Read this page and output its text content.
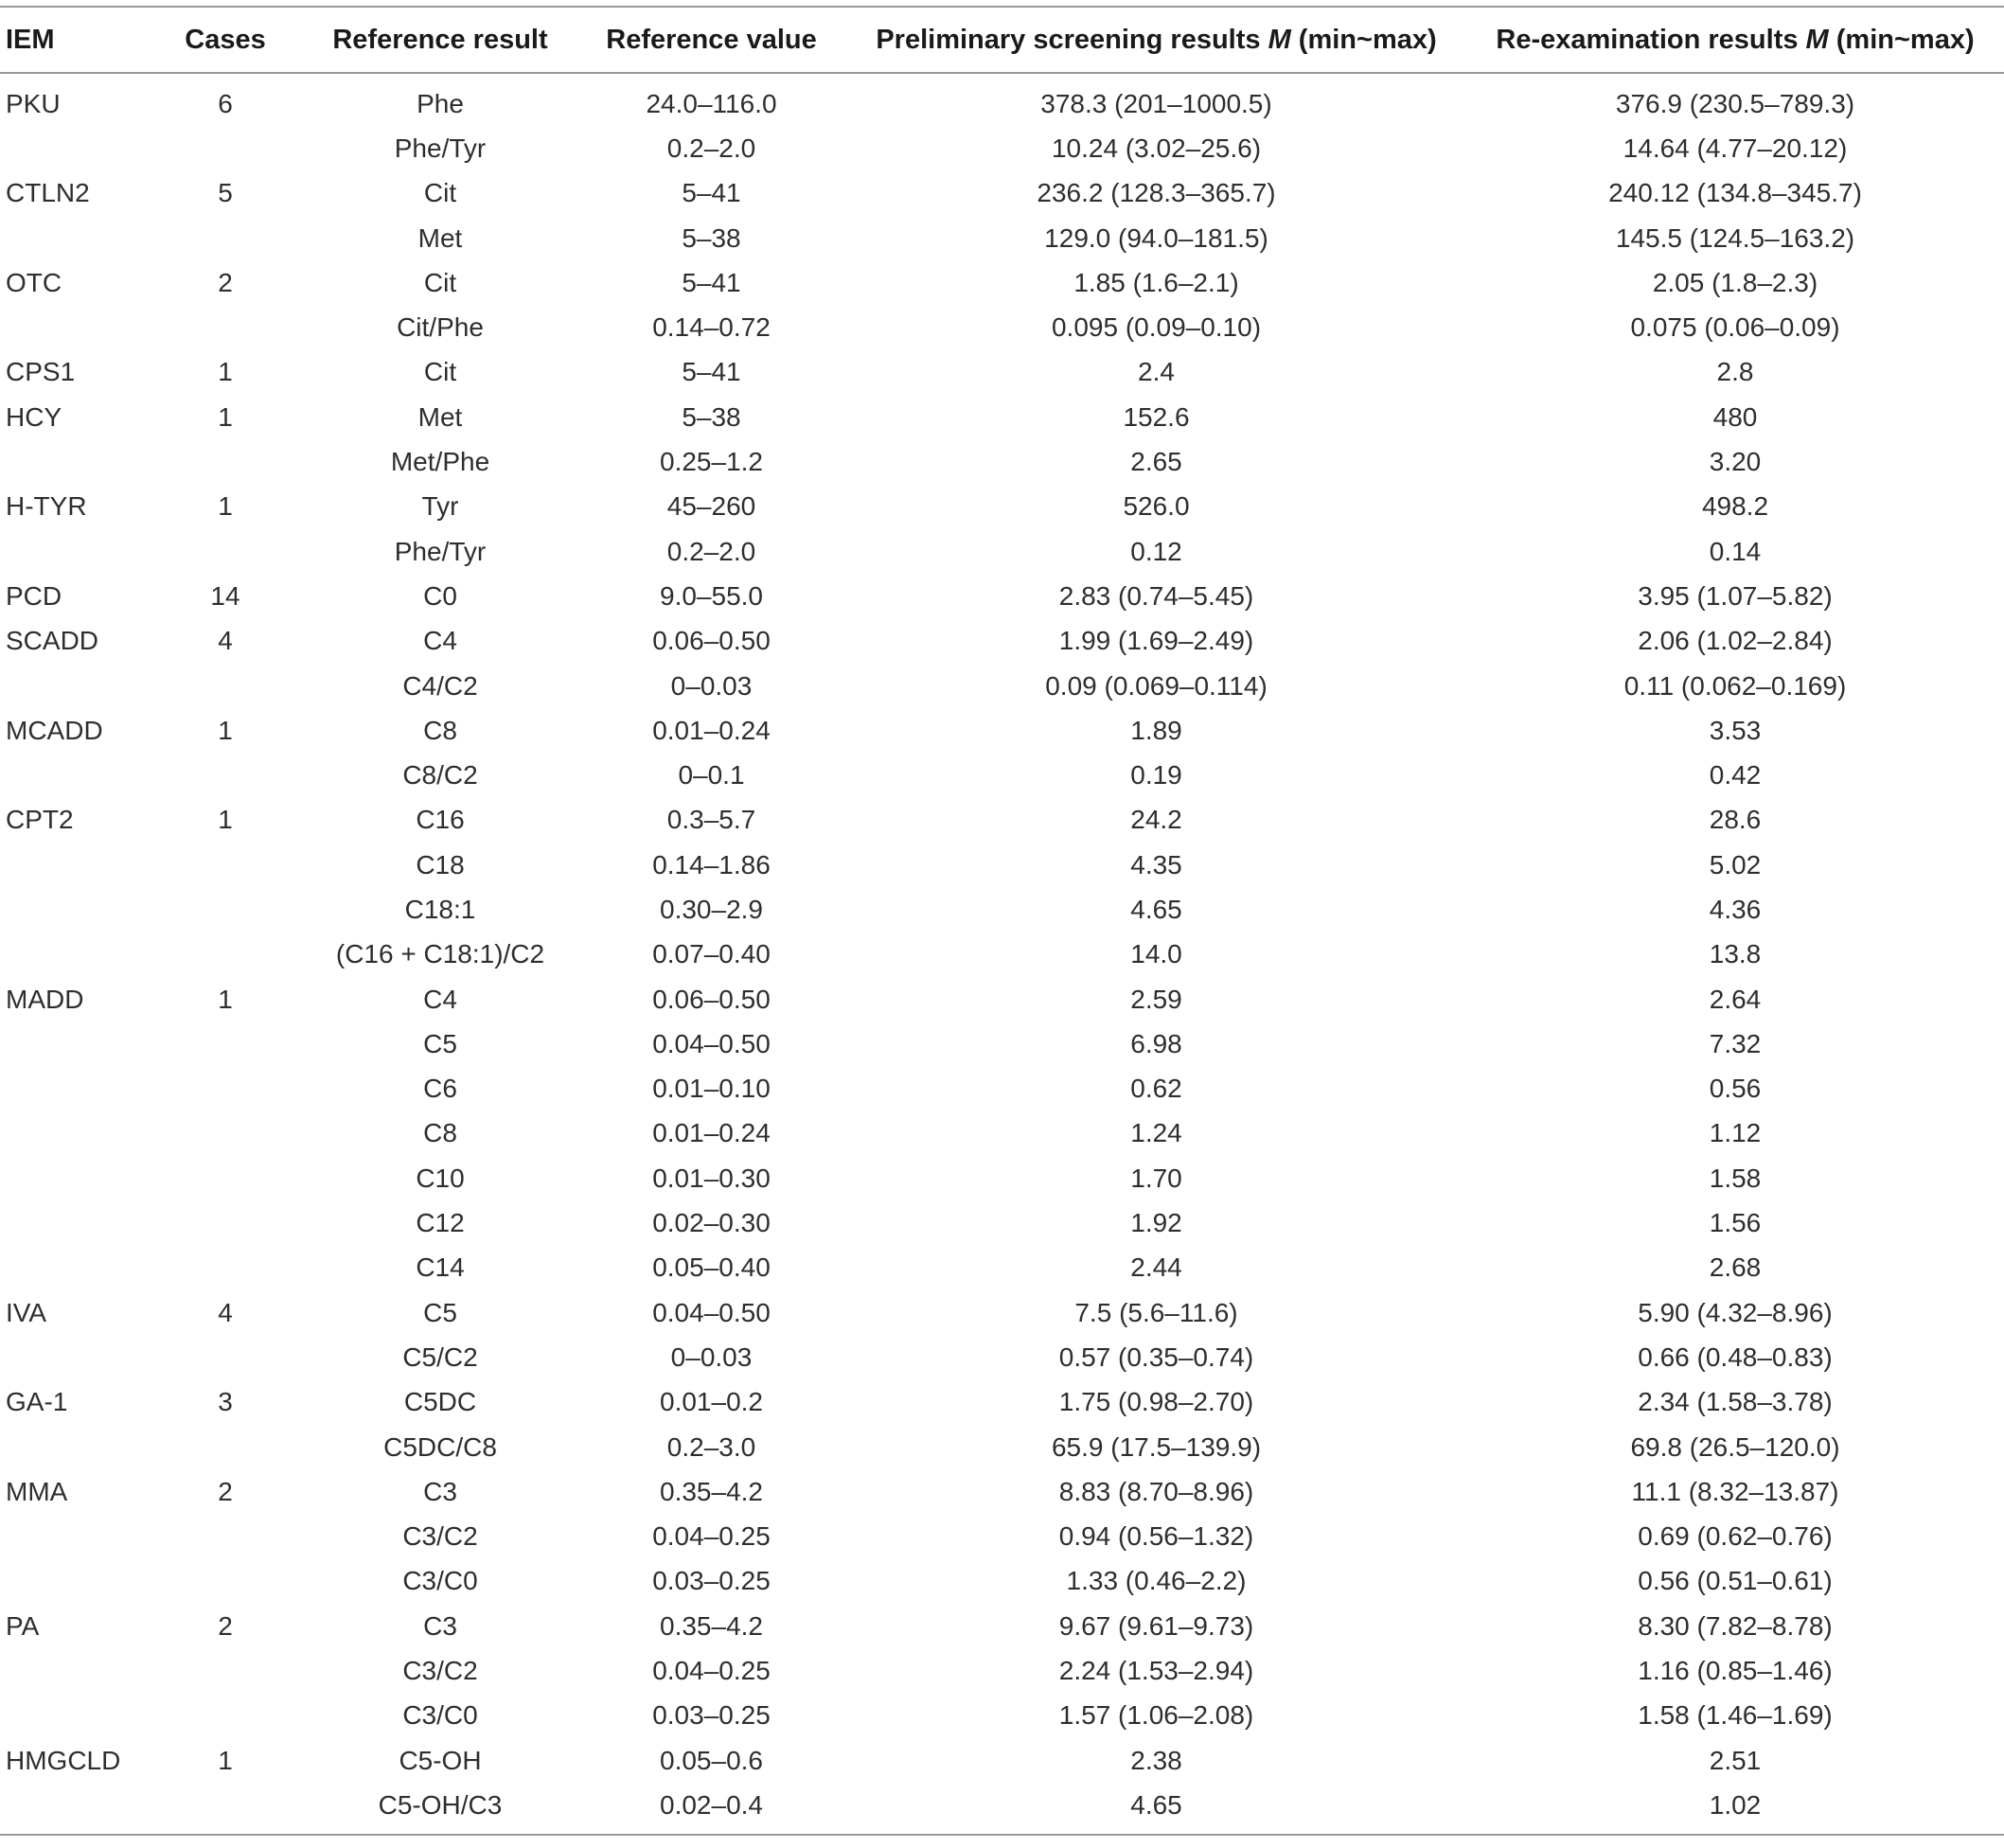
IEM	Cases	Reference result	Reference value	Preliminary screening results M (min~max)	Re-examination results M (min~max)
PKU	6	Phe	24.0–116.0	378.3 (201–1000.5)	376.9 (230.5–789.3)
		Phe/Tyr	0.2–2.0	10.24 (3.02–25.6)	14.64 (4.77–20.12)
CTLN2	5	Cit	5–41	236.2 (128.3–365.7)	240.12 (134.8–345.7)
		Met	5–38	129.0 (94.0–181.5)	145.5 (124.5–163.2)
OTC	2	Cit	5–41	1.85 (1.6–2.1)	2.05 (1.8–2.3)
		Cit/Phe	0.14–0.72	0.095 (0.09–0.10)	0.075 (0.06–0.09)
CPS1	1	Cit	5–41	2.4	2.8
HCY	1	Met	5–38	152.6	480
		Met/Phe	0.25–1.2	2.65	3.20
H-TYR	1	Tyr	45–260	526.0	498.2
		Phe/Tyr	0.2–2.0	0.12	0.14
PCD	14	C0	9.0–55.0	2.83 (0.74–5.45)	3.95 (1.07–5.82)
SCADD	4	C4	0.06–0.50	1.99 (1.69–2.49)	2.06 (1.02–2.84)
		C4/C2	0–0.03	0.09 (0.069–0.114)	0.11 (0.062–0.169)
MCADD	1	C8	0.01–0.24	1.89	3.53
		C8/C2	0–0.1	0.19	0.42
CPT2	1	C16	0.3–5.7	24.2	28.6
		C18	0.14–1.86	4.35	5.02
		C18:1	0.30–2.9	4.65	4.36
		(C16 + C18:1)/C2	0.07–0.40	14.0	13.8
MADD	1	C4	0.06–0.50	2.59	2.64
		C5	0.04–0.50	6.98	7.32
		C6	0.01–0.10	0.62	0.56
		C8	0.01–0.24	1.24	1.12
		C10	0.01–0.30	1.70	1.58
		C12	0.02–0.30	1.92	1.56
		C14	0.05–0.40	2.44	2.68
IVA	4	C5	0.04–0.50	7.5 (5.6–11.6)	5.90 (4.32–8.96)
		C5/C2	0–0.03	0.57 (0.35–0.74)	0.66 (0.48–0.83)
GA-1	3	C5DC	0.01–0.2	1.75 (0.98–2.70)	2.34 (1.58–3.78)
		C5DC/C8	0.2–3.0	65.9 (17.5–139.9)	69.8 (26.5–120.0)
MMA	2	C3	0.35–4.2	8.83 (8.70–8.96)	11.1 (8.32–13.87)
		C3/C2	0.04–0.25	0.94 (0.56–1.32)	0.69 (0.62–0.76)
		C3/C0	0.03–0.25	1.33 (0.46–2.2)	0.56 (0.51–0.61)
PA	2	C3	0.35–4.2	9.67 (9.61–9.73)	8.30 (7.82–8.78)
		C3/C2	0.04–0.25	2.24 (1.53–2.94)	1.16 (0.85–1.46)
		C3/C0	0.03–0.25	1.57 (1.06–2.08)	1.58 (1.46–1.69)
HMGCLD	1	C5-OH	0.05–0.6	2.38	2.51
		C5-OH/C3	0.02–0.4	4.65	1.02
